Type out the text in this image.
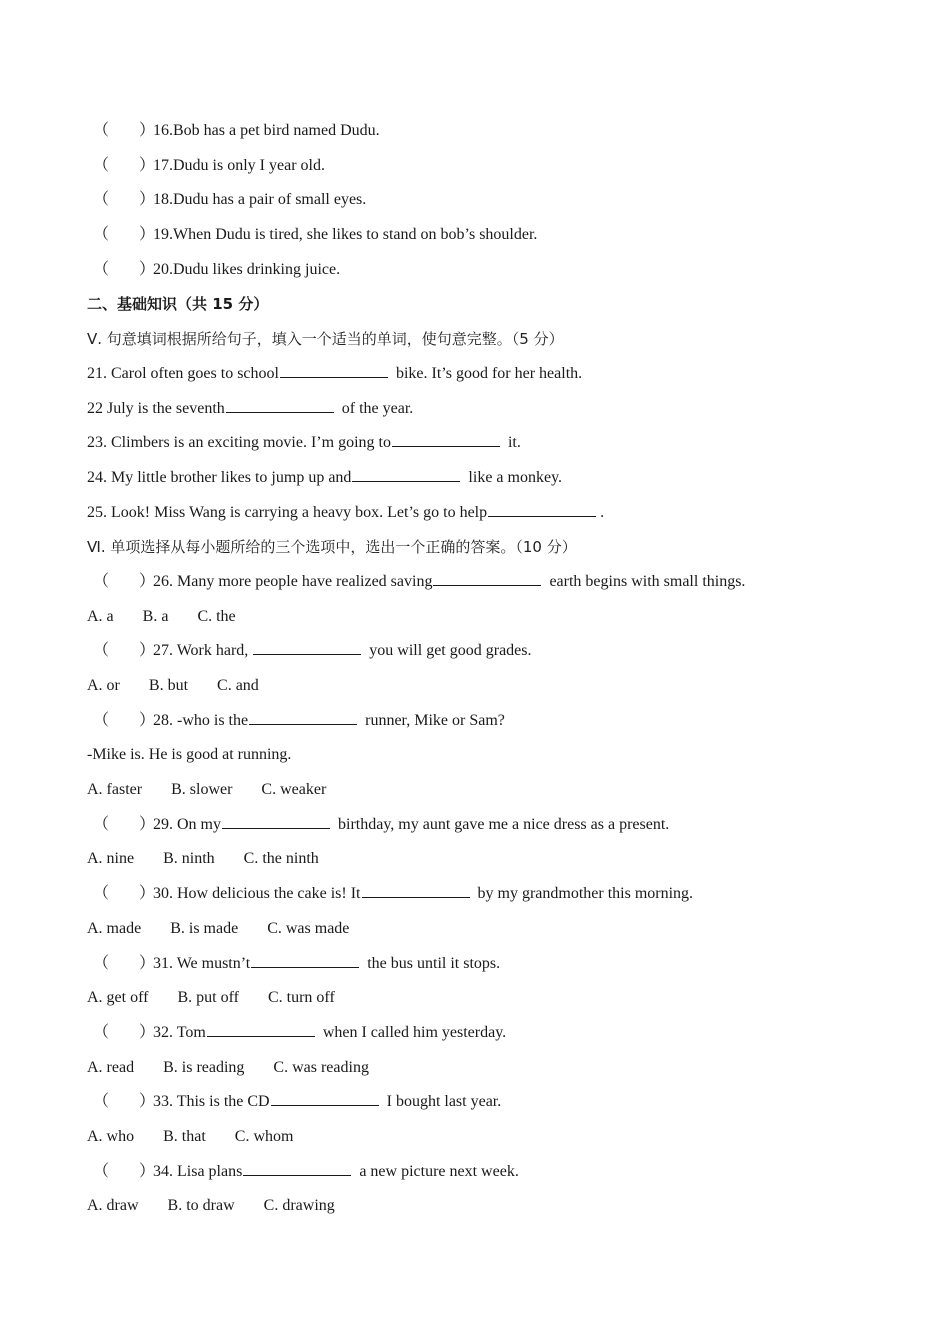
（ ）16.Bob has a pet bird named Dudu.
（ ）17.Dudu is only I year old.
（ ）18.Dudu has a pair of small eyes.
（ ）19.When Dudu is tired, she likes to stand on bob’s shoulder.
（ ）20.Dudu likes drinking juice.
二、基础知识（共 15 分）
Ⅴ. 句意填词根据所给句子，填入一个适当的单词，使句意完整。（5 分）
21. Carol often goes to school	bike. It’s good for her health.
22 July is the seventh	of the year.
23. Climbers is an exciting movie. I’m going to	it.
24. My little brother likes to jump up and	like a monkey.
25. Look! Miss Wang is carrying a heavy box. Let’s go to help	.
Ⅵ. 单项选择从每小题所给的三个选项中，选出一个正确的答案。（10 分）
（ ）26. Many more people have realized saving	earth begins with small things.
A. a B. a C. the
（ ）27. Work hard,	you will get good grades.
A. or B. but C. and
（ ）28. -who is the	runner, Mike or Sam?
-Mike is. He is good at running.
A. faster B. slower C. weaker
（ ）29. On my	birthday, my aunt gave me a nice dress as a present.
A. nine B. ninth C. the ninth
（ ）30. How delicious the cake is! It	by my grandmother this morning.
A. made B. is made C. was made
（ ）31. We mustn’t	the bus until it stops.
A. get off B. put off C. turn off
（ ）32. Tom	when I called him yesterday.
A. read B. is reading C. was reading
（ ）33. This is the CD	I bought last year.
A. who B. that C. whom
（ ）34. Lisa plans	a new picture next week.
A. draw B. to draw C. drawing
